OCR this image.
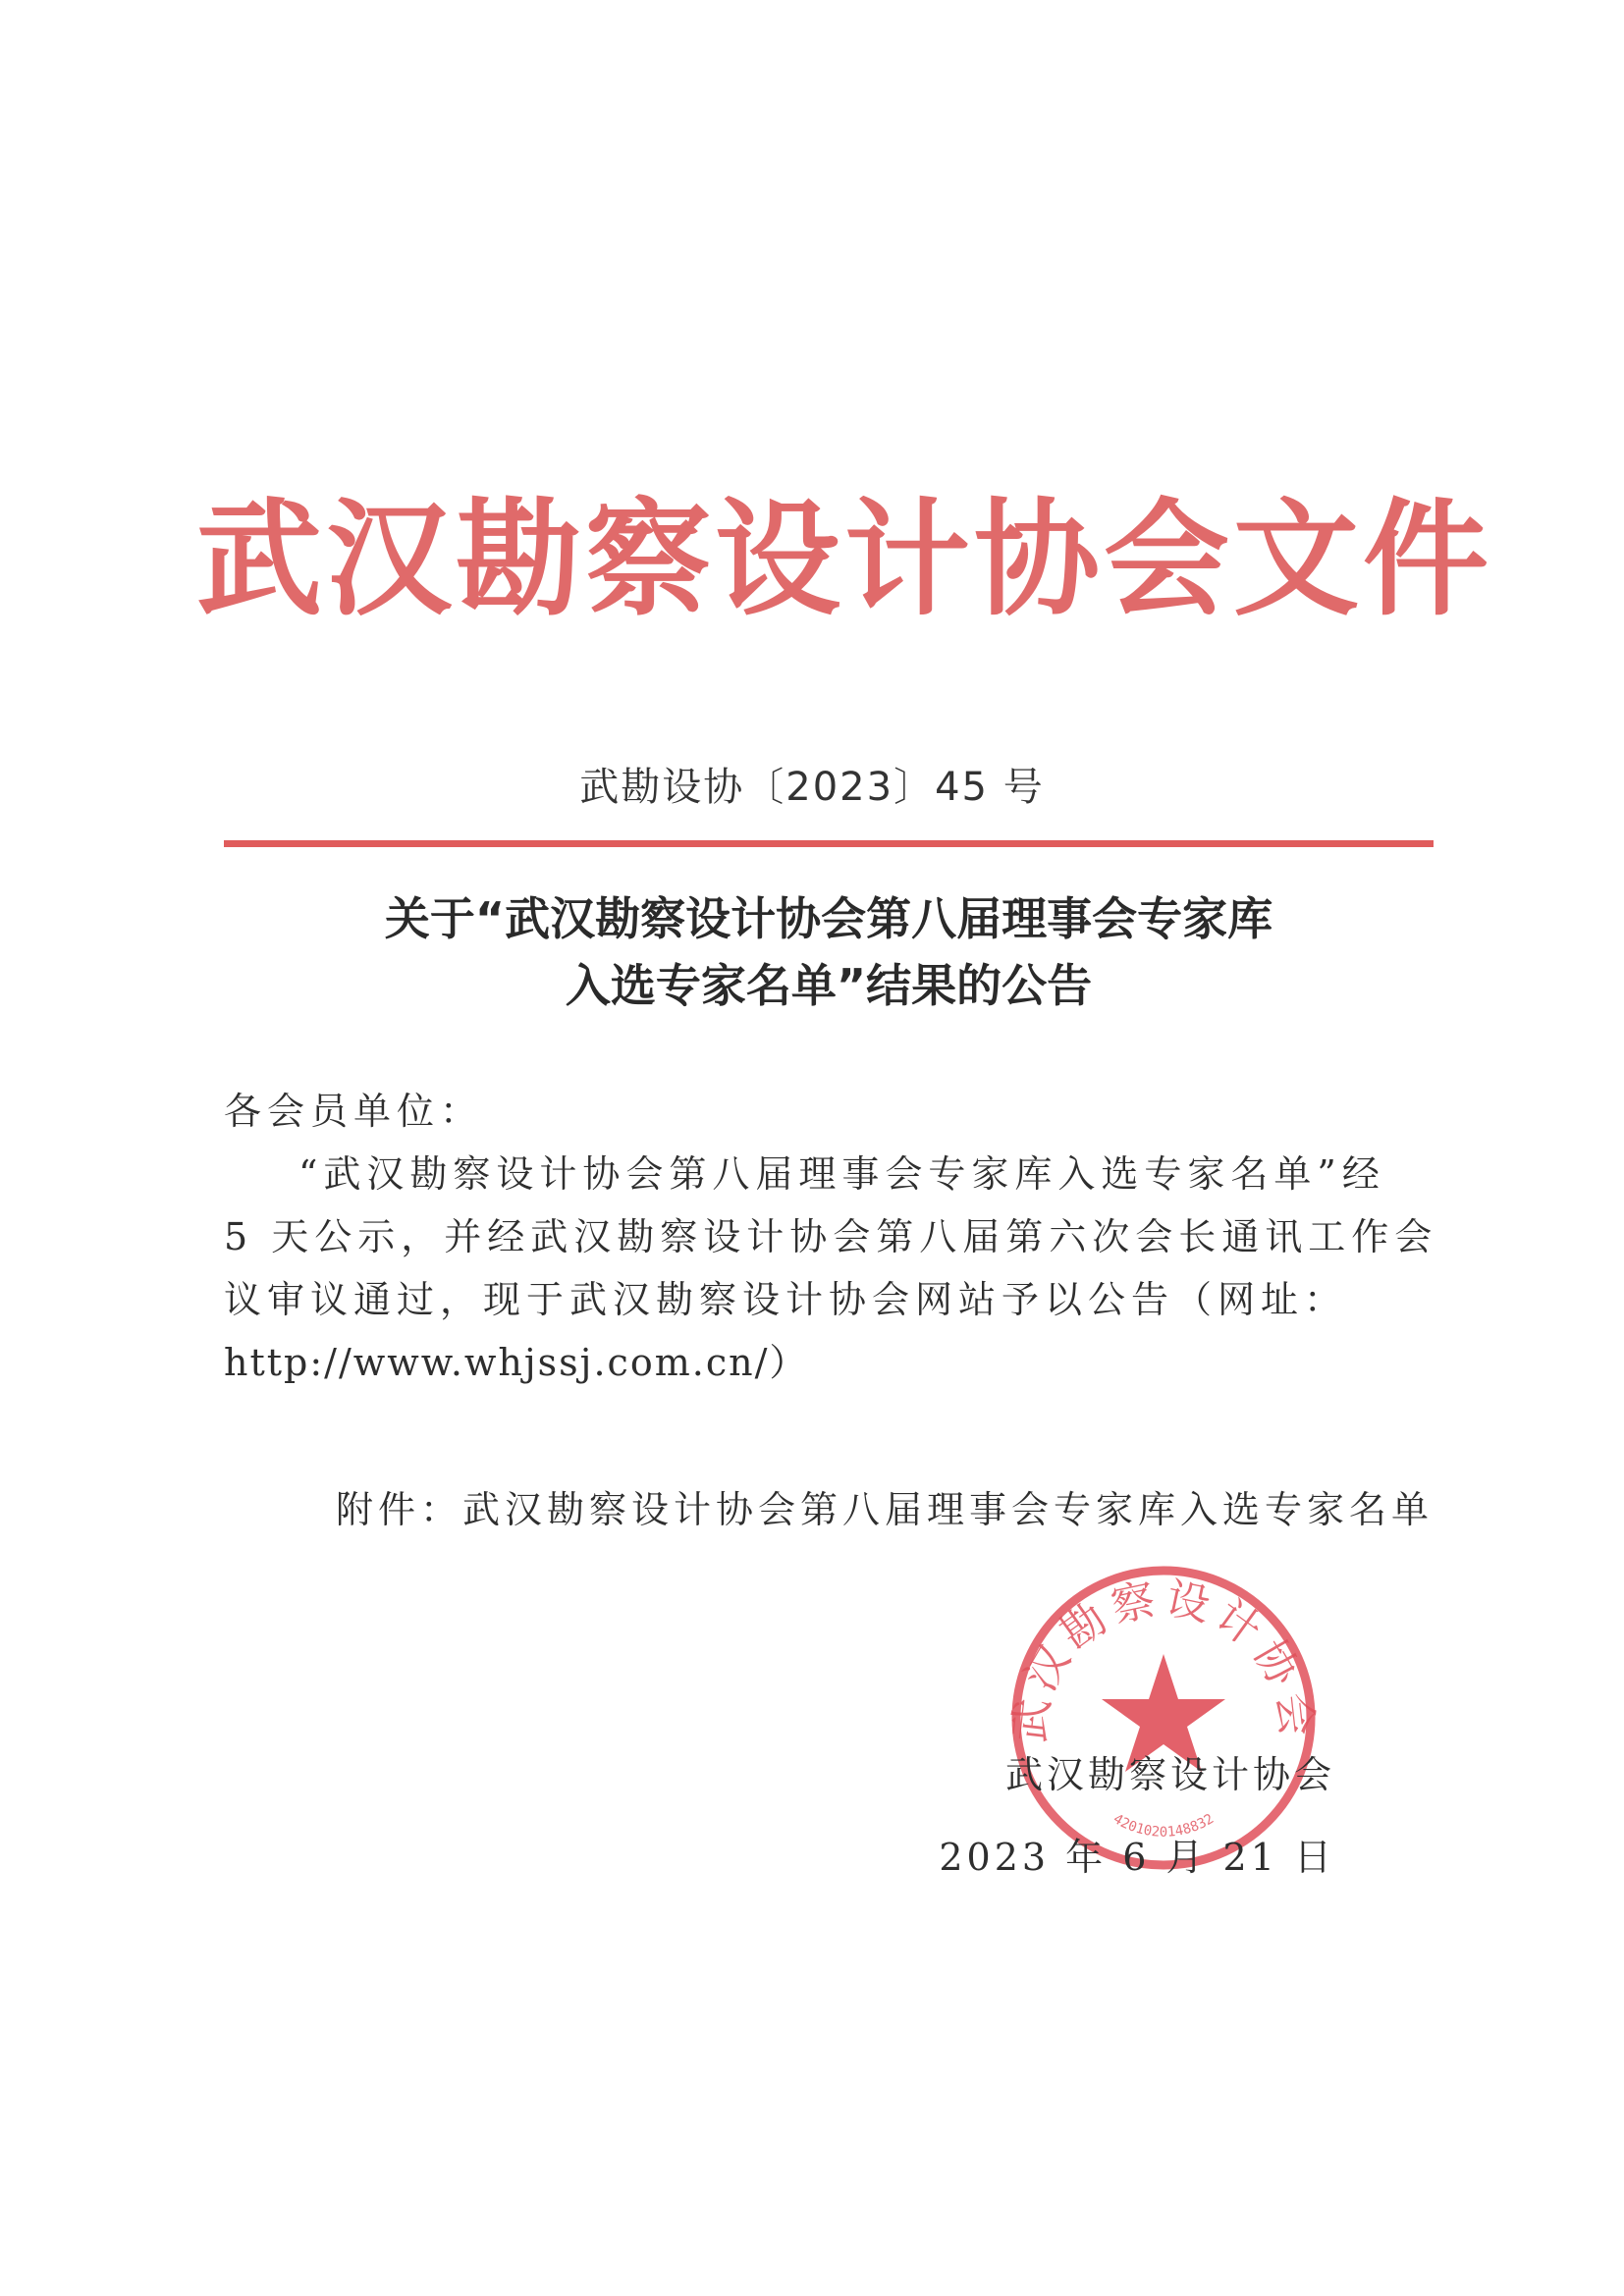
武汉勘察设计协会文件
武勘设协〔2023〕45 号
关于“武汉勘察设计协会第八届理事会专家库
入选专家名单”结果的公告
各会员单位：
“武汉勘察设计协会第八届理事会专家库入选专家名单”经
5 天公示，并经武汉勘察设计协会第八届第六次会长通讯工作会
议审议通过，现于武汉勘察设计协会网站予以公告（网址：
http://www.whjssj.com.cn/）
附件：武汉勘察设计协会第八届理事会专家库入选专家名单
武汉勘察设计协会
4201020148832
武汉勘察设计协会
2023 年 6 月 21 日
